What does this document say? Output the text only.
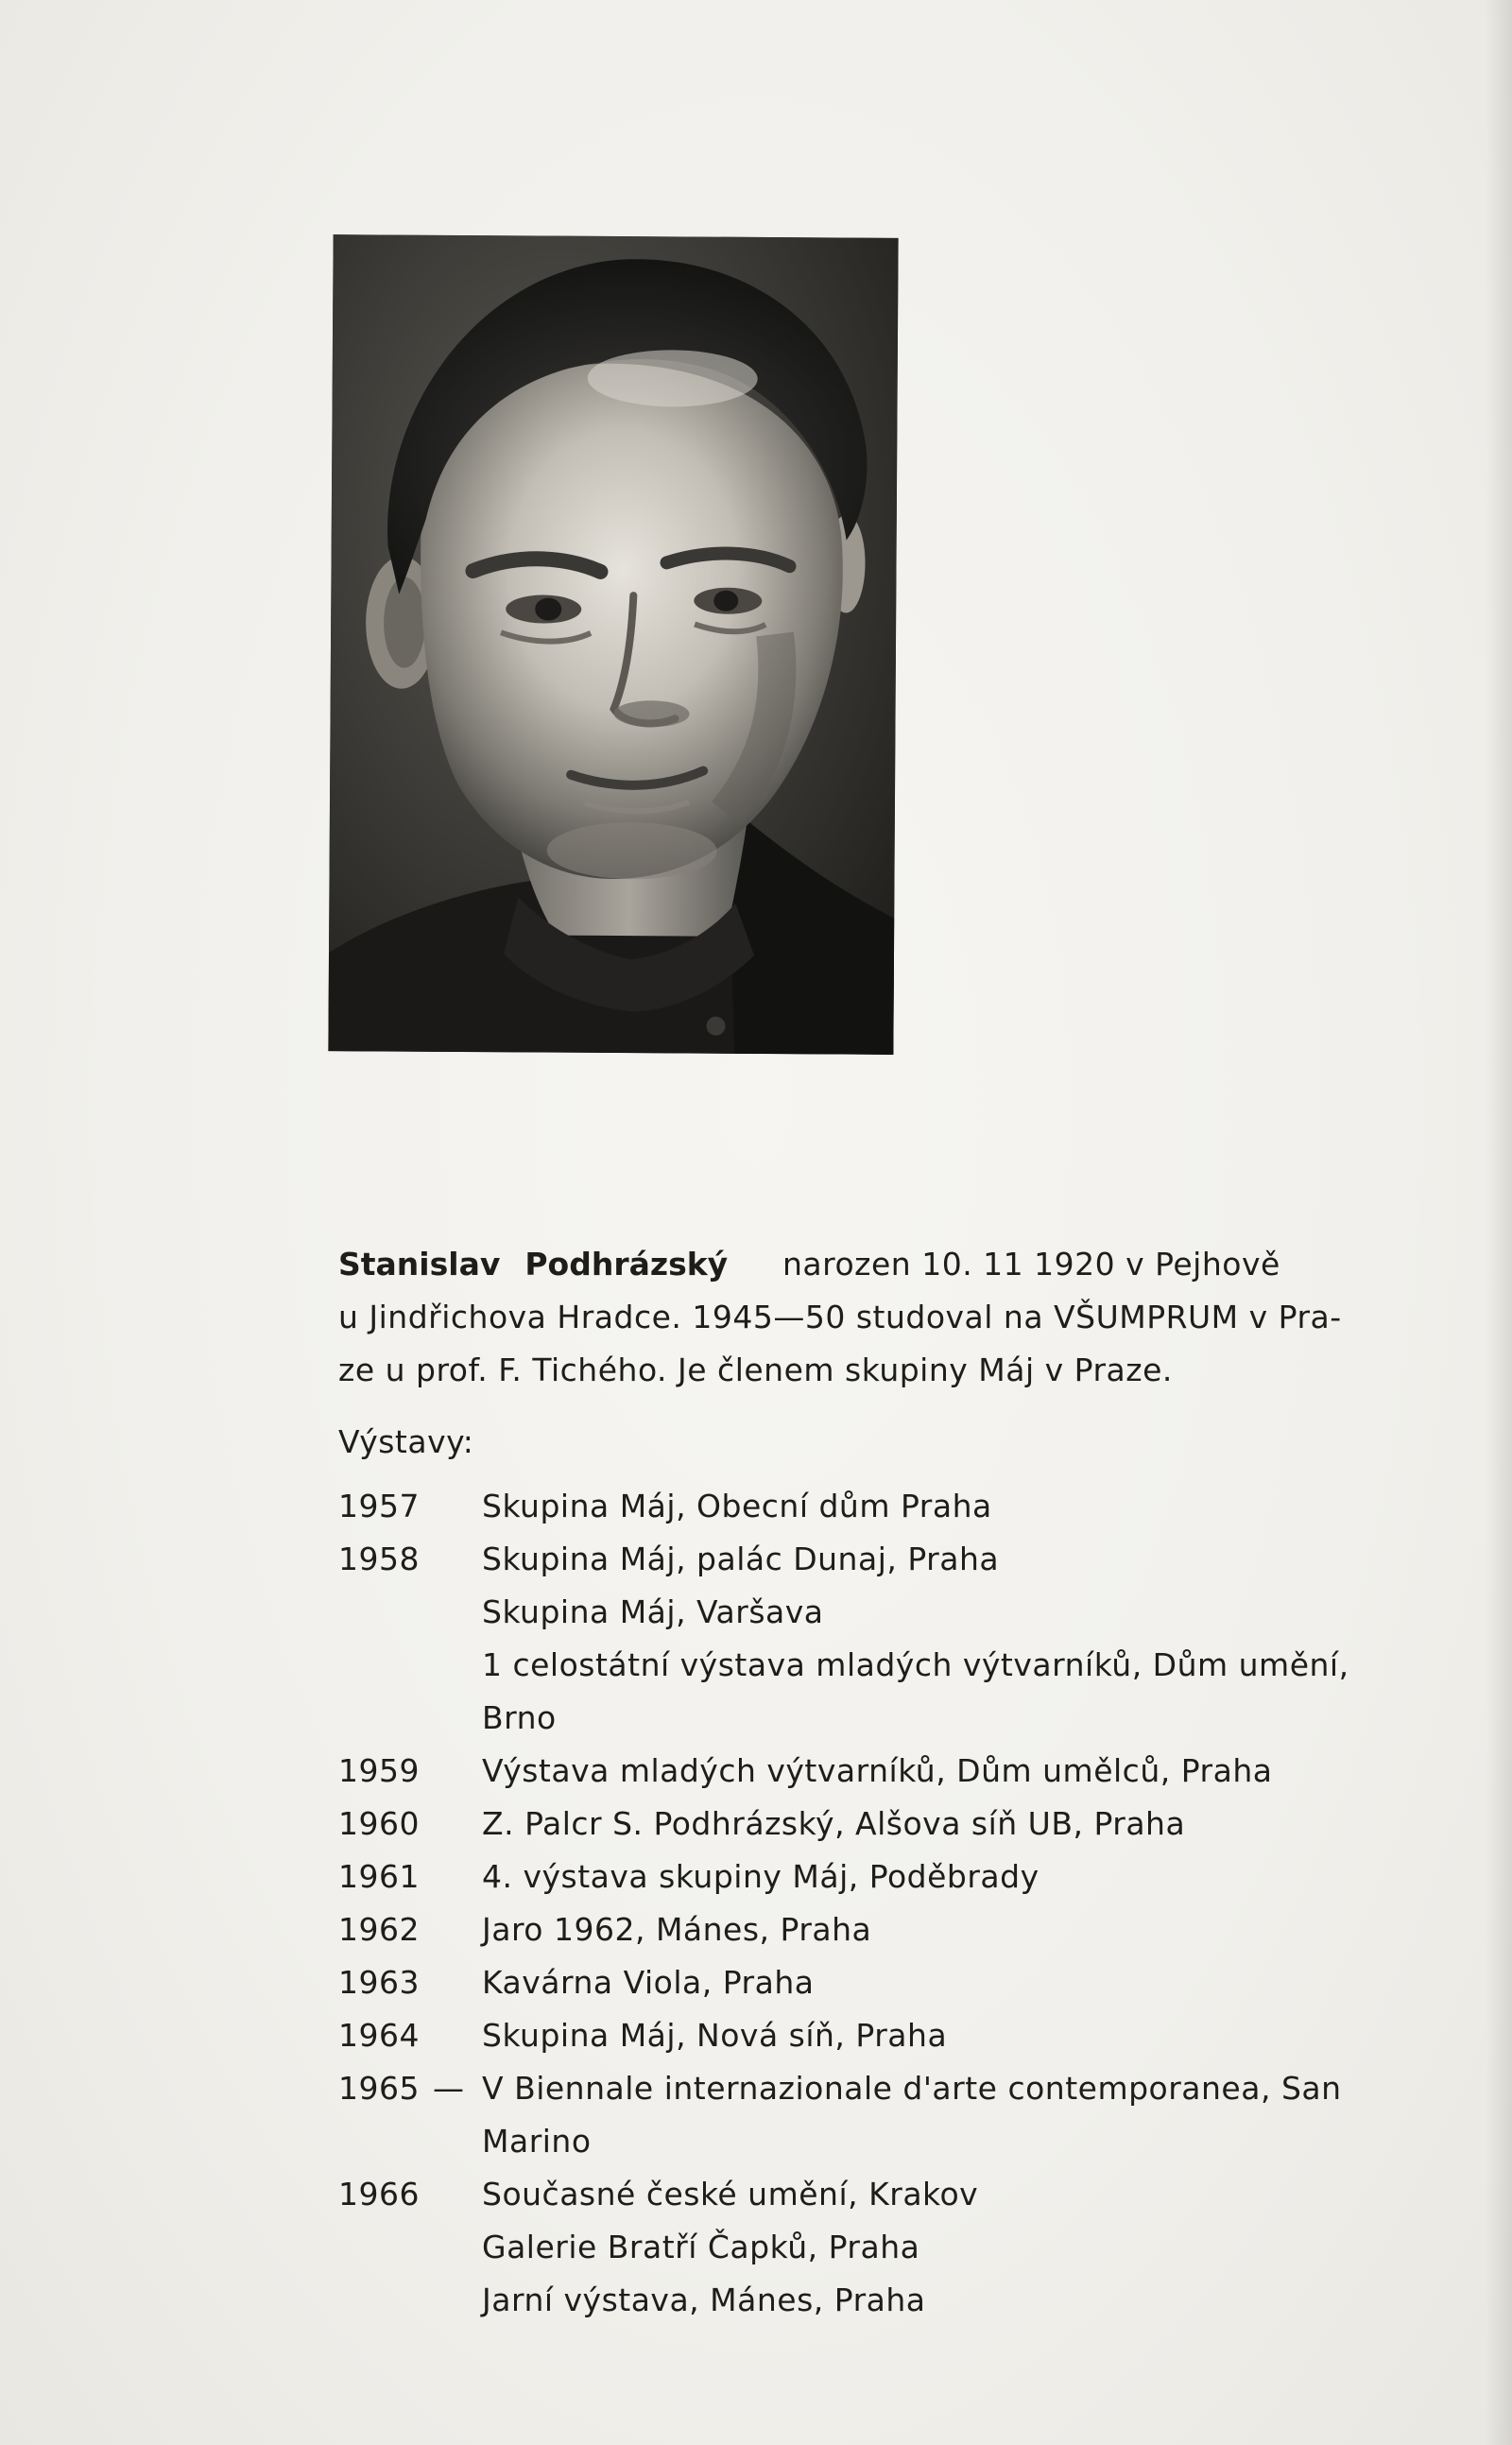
Stanislav Podhrázský narozen 10. 11 1920 v Pejhově
u Jindřichova Hradce. 1945—50 studoval na VŠUMPRUM v Pra-
ze u prof. F. Tichého. Je členem skupiny Máj v Praze.
Výstavy:
1957	Skupina Máj, Obecní dům Praha
1958	Skupina Máj, palác Dunaj, Praha
Skupina Máj, Varšava
1 celostátní výstava mladých výtvarníků, Dům umění,
Brno
1959	Výstava mladých výtvarníků, Dům umělců, Praha
1960	Z. Palcr S. Podhrázský, Alšova síň UB, Praha
1961	4. výstava skupiny Máj, Poděbrady
1962	Jaro 1962, Mánes, Praha
1963	Kavárna Viola, Praha
1964	Skupina Máj, Nová síň, Praha
1965 — V Biennale internazionale d'arte contemporanea, San
Marino
1966	Současné české umění, Krakov
Galerie Bratří Čapků, Praha
Jarní výstava, Mánes, Praha
